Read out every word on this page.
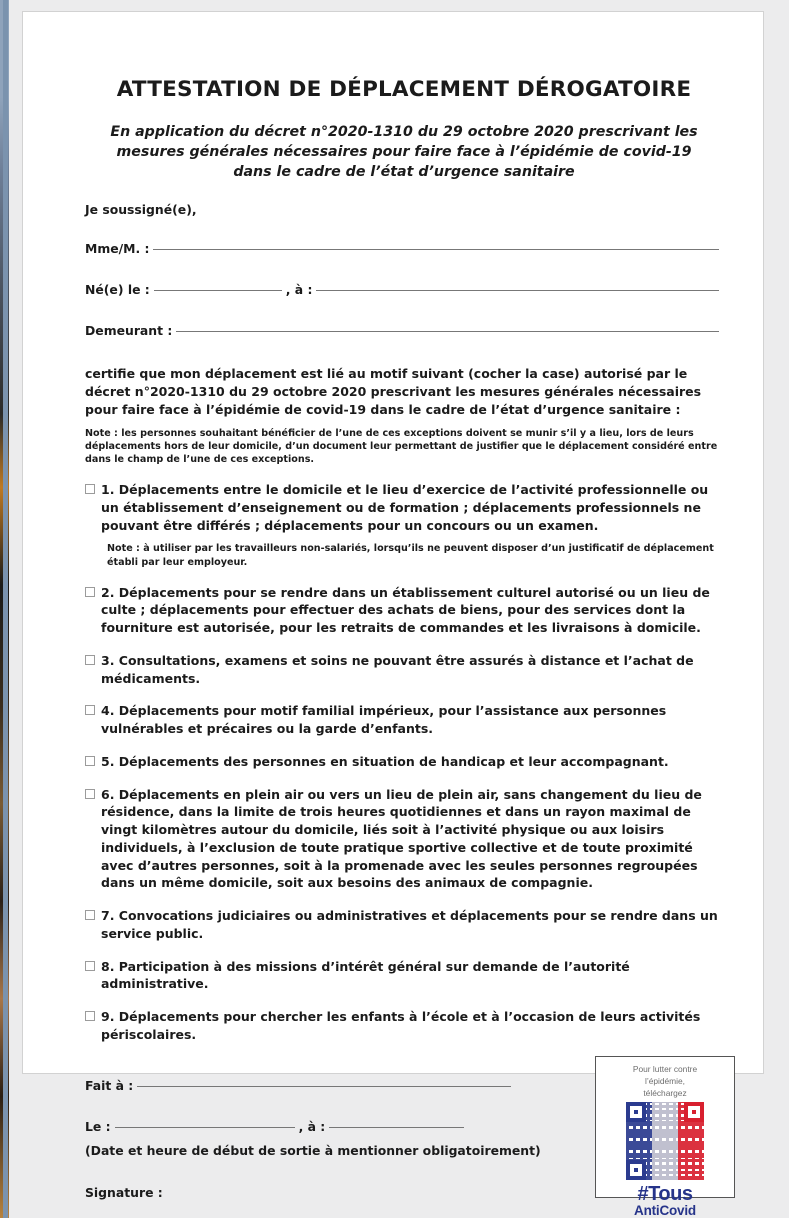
ATTESTATION DE DÉPLACEMENT DÉROGATOIRE
En application du décret n°2020-1310 du 29 octobre 2020 prescrivant les mesures générales nécessaires pour faire face à l’épidémie de covid-19 dans le cadre de l’état d’urgence sanitaire
Je soussigné(e),
Mme/M. :
Né(e) le :	, à :
Demeurant :
certifie que mon déplacement est lié au motif suivant (cocher la case) autorisé par le décret n°2020-1310 du 29 octobre 2020 prescrivant les mesures générales nécessaires pour faire face à l’épidémie de covid-19 dans le cadre de l’état d’urgence sanitaire :
Note : les personnes souhaitant bénéficier de l’une de ces exceptions doivent se munir s’il y a lieu, lors de leurs déplacements hors de leur domicile, d’un document leur permettant de justifier que le déplacement considéré entre dans le champ de l’une de ces exceptions.
1. Déplacements entre le domicile et le lieu d’exercice de l’activité professionnelle ou un établissement d’enseignement ou de formation ; déplacements professionnels ne pouvant être différés ; déplacements pour un concours ou un examen.
Note : à utiliser par les travailleurs non-salariés, lorsqu’ils ne peuvent disposer d’un justificatif de déplacement établi par leur employeur.
2. Déplacements pour se rendre dans un établissement culturel autorisé ou un lieu de culte ; déplacements pour effectuer des achats de biens, pour des services dont la fourniture est autorisée, pour les retraits de commandes et les livraisons à domicile.
3. Consultations, examens et soins ne pouvant être assurés à distance et l’achat de médicaments.
4. Déplacements pour motif familial impérieux, pour l’assistance aux personnes vulnérables et précaires ou la garde d’enfants.
5. Déplacements des personnes en situation de handicap et leur accompagnant.
6. Déplacements en plein air ou vers un lieu de plein air, sans changement du lieu de résidence, dans la limite de trois heures quotidiennes et dans un rayon maximal de vingt kilomètres autour du domicile, liés soit à l’activité physique ou aux loisirs individuels, à l’exclusion de toute pratique sportive collective et de toute proximité avec d’autres personnes, soit à la promenade avec les seules personnes regroupées dans un même domicile, soit aux besoins des animaux de compagnie.
7. Convocations judiciaires ou administratives et déplacements pour se rendre dans un service public.
8. Participation à des missions d’intérêt général sur demande de l’autorité administrative.
9. Déplacements pour chercher les enfants à l’école et à l’occasion de leurs activités périscolaires.
Fait à :
Le :	, à :
(Date et heure de début de sortie à mentionner obligatoirement)
Signature :
Pour lutter contre
l’épidémie,
téléchargez
#Tous
AntiCovid
